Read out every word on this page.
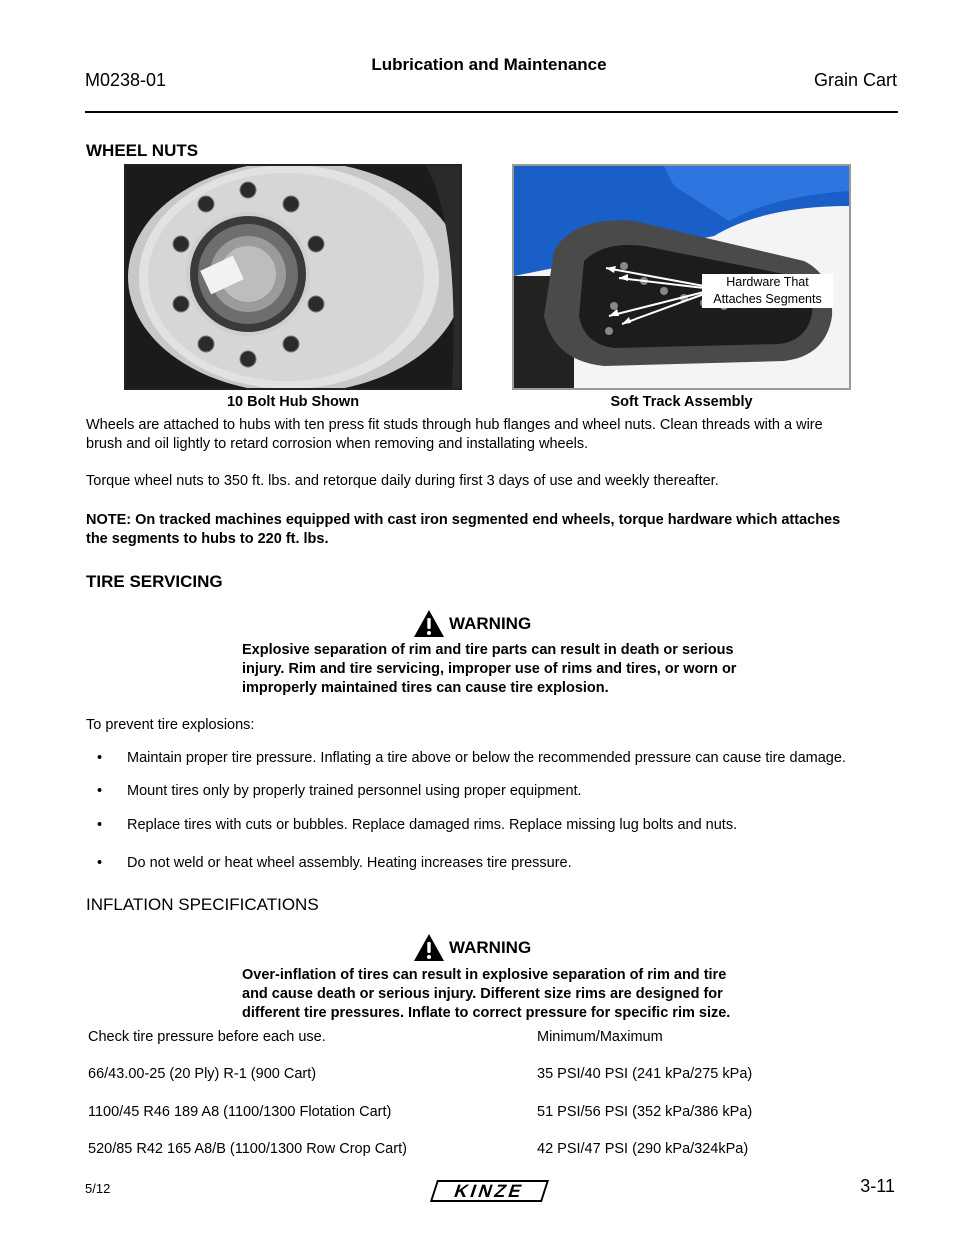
Lubrication and Maintenance
M0238-01	Grain Cart
WHEEL NUTS
Hardware That
Attaches Segments
10 Bolt Hub Shown	Soft Track Assembly
Wheels are attached to hubs with ten press fit studs through hub flanges and wheel nuts. Clean threads with a wire
brush and oil lightly to retard corrosion when removing and installating wheels.
Torque wheel nuts to 350 ft. lbs. and retorque daily during first 3 days of use and weekly thereafter.
NOTE: On tracked machines equipped with cast iron segmented end wheels, torque hardware which attaches
the segments to hubs to 220 ft. lbs.
TIRE SERVICING
WARNING
Explosive separation of rim and tire parts can result in death or serious
injury. Rim and tire servicing, improper use of rims and tires, or worn or
improperly maintained tires can cause tire explosion.
To prevent tire explosions:
• Maintain proper tire pressure. Inflating a tire above or below the recommended pressure can cause tire damage.
• Mount tires only by properly trained personnel using proper equipment.
• Replace tires with cuts or bubbles. Replace damaged rims. Replace missing lug bolts and nuts.
• Do not weld or heat wheel assembly. Heating increases tire pressure.
INFLATION SPECIFICATIONS
WARNING
Over-inflation of tires can result in explosive separation of rim and tire
and cause death or serious injury. Different size rims are designed for
different tire pressures. Inflate to correct pressure for specific rim size.
Check tire pressure before each use.	Minimum/Maximum
66/43.00-25 (20 Ply) R-1 (900 Cart)	35 PSI/40 PSI (241 kPa/275 kPa)
1100/45 R46 189 A8 (1100/1300 Flotation Cart)	51 PSI/56 PSI (352 kPa/386 kPa)
520/85 R42 165 A8/B (1100/1300 Row Crop Cart)	42 PSI/47 PSI (290 kPa/324kPa)
5/12	KINZE	3-11
